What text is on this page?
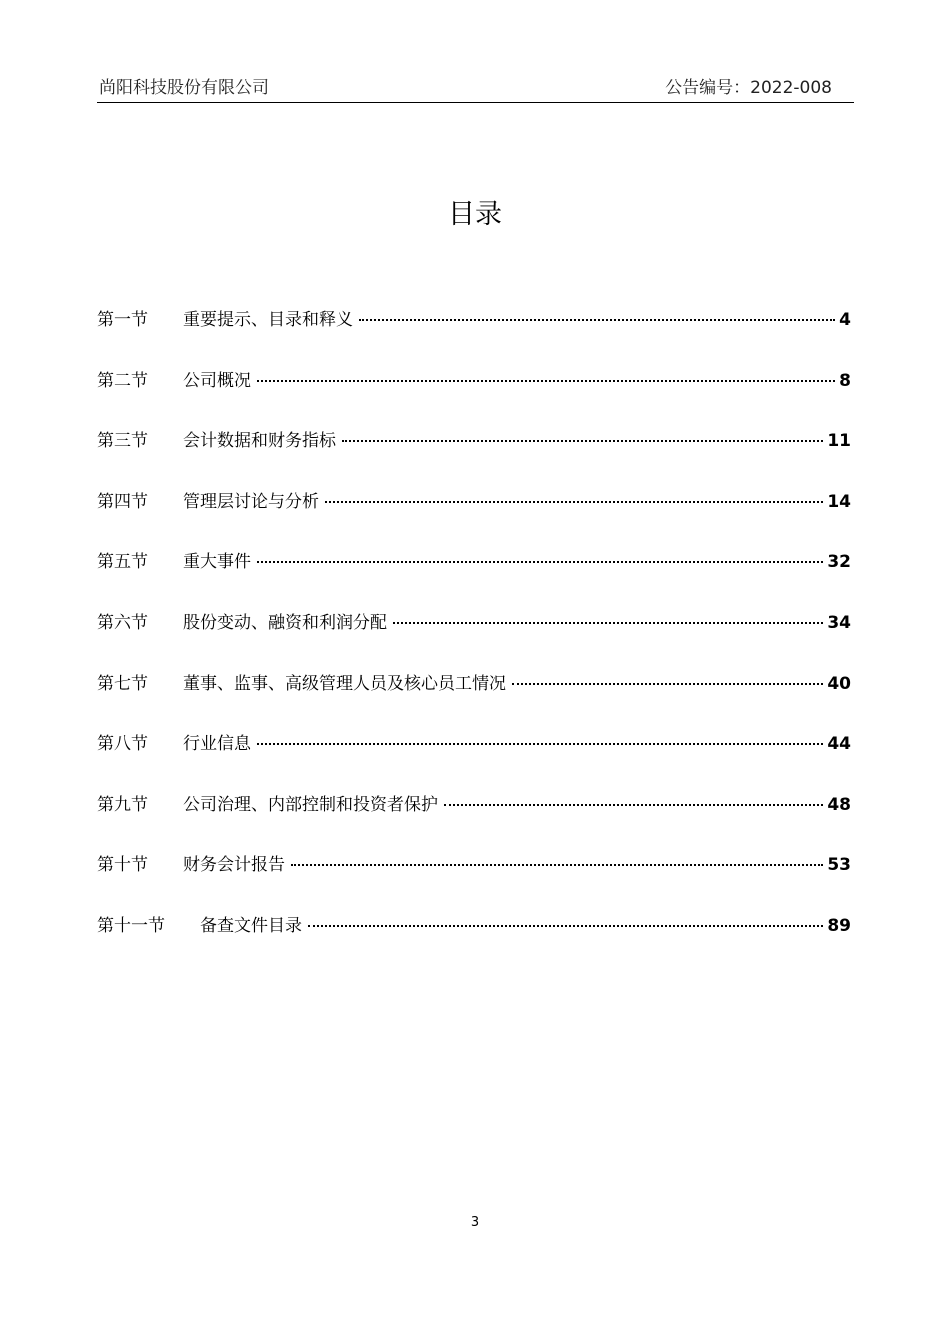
尚阳科技股份有限公司	公告编号：2022-008
目录
第一节	重要提示、目录和释义	4
第二节	公司概况	8
第三节	会计数据和财务指标	11
第四节	管理层讨论与分析	14
第五节	重大事件	32
第六节	股份变动、融资和利润分配	34
第七节	董事、监事、高级管理人员及核心员工情况	40
第八节	行业信息	44
第九节	公司治理、内部控制和投资者保护	48
第十节	财务会计报告	53
第十一节	备查文件目录	89
3
